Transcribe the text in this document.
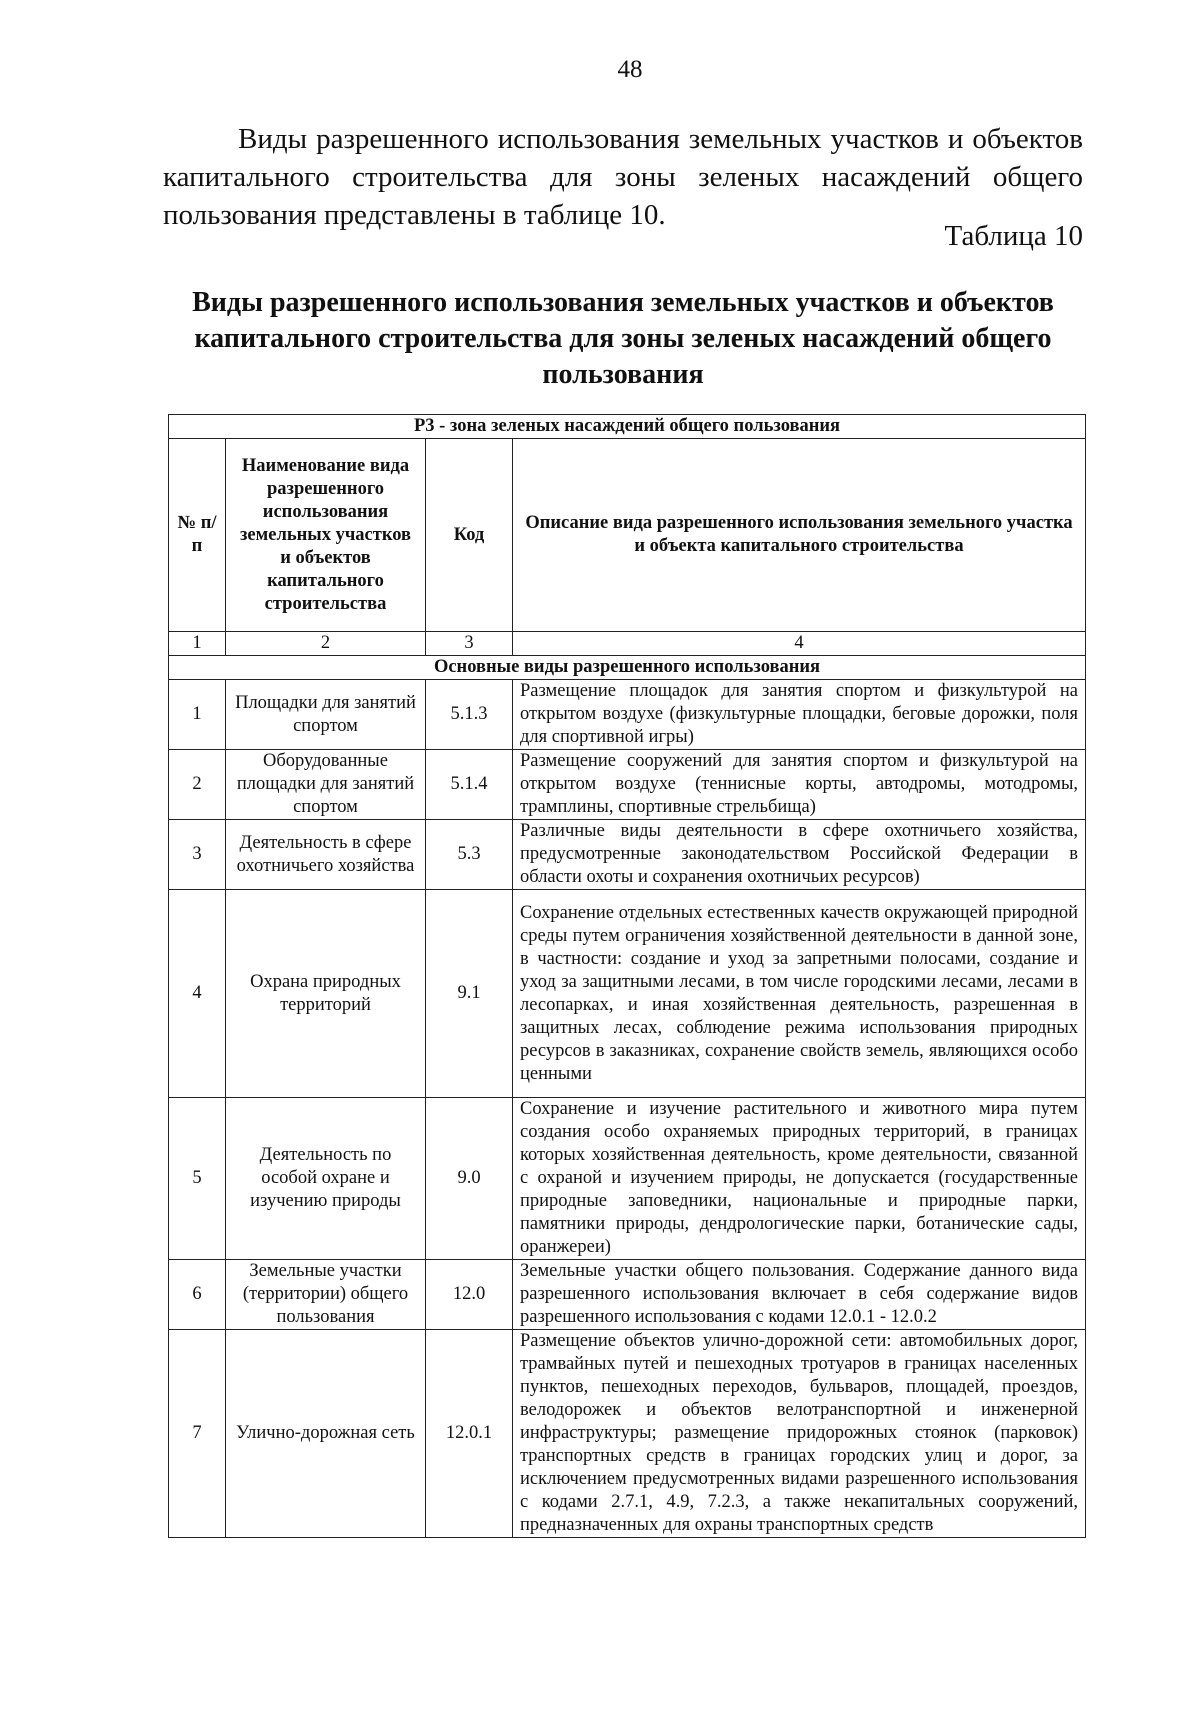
48

Виды разрешенного использования земельных участков и объектов капитального строительства для зоны зеленых насаждений общего пользования представлены в таблице 10.

Таблица 10
Виды разрешенного использования земельных участков и объектов капитального строительства для зоны зеленых насаждений общего пользования
Р3 - зона зеленых насаждений общего пользования			
№ п/п	Наименование вида разрешенного использования земельных участков и объектов капитального строительства	Код	Описание вида разрешенного использования земельного участка и объекта капитального строительства
1	2	3	4
Основные виды разрешенного использования			
1	Площадки для занятий спортом	5.1.3	Размещение площадок для занятия спортом и физкультурой на открытом воздухе (физкультурные площадки, беговые дорожки, поля для спортивной игры)
2	Оборудованные площадки для занятий спортом	5.1.4	Размещение сооружений для занятия спортом и физкультурой на открытом воздухе (теннисные корты, автодромы, мотодромы, трамплины, спортивные стрельбища)
3	Деятельность в сфере охотничьего хозяйства	5.3	Различные виды деятельности в сфере охотничьего хозяйства, предусмотренные законодательством Российской Федерации в области охоты и сохранения охотничьих ресурсов)
4	Охрана природных территорий	9.1	Сохранение отдельных естественных качеств окружающей природной среды путем ограничения хозяйственной деятельности в данной зоне, в частности: создание и уход за запретными полосами, создание и уход за защитными лесами, в том числе городскими лесами, лесами в лесопарках, и иная хозяйственная деятельность, разрешенная в защитных лесах, соблюдение режима использования природных ресурсов в заказниках, сохранение свойств земель, являющихся особо ценными
5	Деятельность по особой охране и изучению природы	9.0	Сохранение и изучение растительного и животного мира путем создания особо охраняемых природных территорий, в границах которых хозяйственная деятельность, кроме деятельности, связанной с охраной и изучением природы, не допускается (государственные природные заповедники, национальные и природные парки, памятники природы, дендрологические парки, ботанические сады, оранжереи)
6	Земельные участки (территории) общего пользования	12.0	Земельные участки общего пользования. Содержание данного вида разрешенного использования включает в себя содержание видов разрешенного использования с кодами 12.0.1 - 12.0.2
7	Улично-дорожная сеть	12.0.1	Размещение объектов улично-дорожной сети: автомобильных дорог, трамвайных путей и пешеходных тротуаров в границах населенных пунктов, пешеходных переходов, бульваров, площадей, проездов, велодорожек и объектов велотранспортной и инженерной инфраструктуры; размещение придорожных стоянок (парковок) транспортных средств в границах городских улиц и дорог, за исключением предусмотренных видами разрешенного использования с кодами 2.7.1, 4.9, 7.2.3, а также некапитальных сооружений, предназначенных для охраны транспортных средств
